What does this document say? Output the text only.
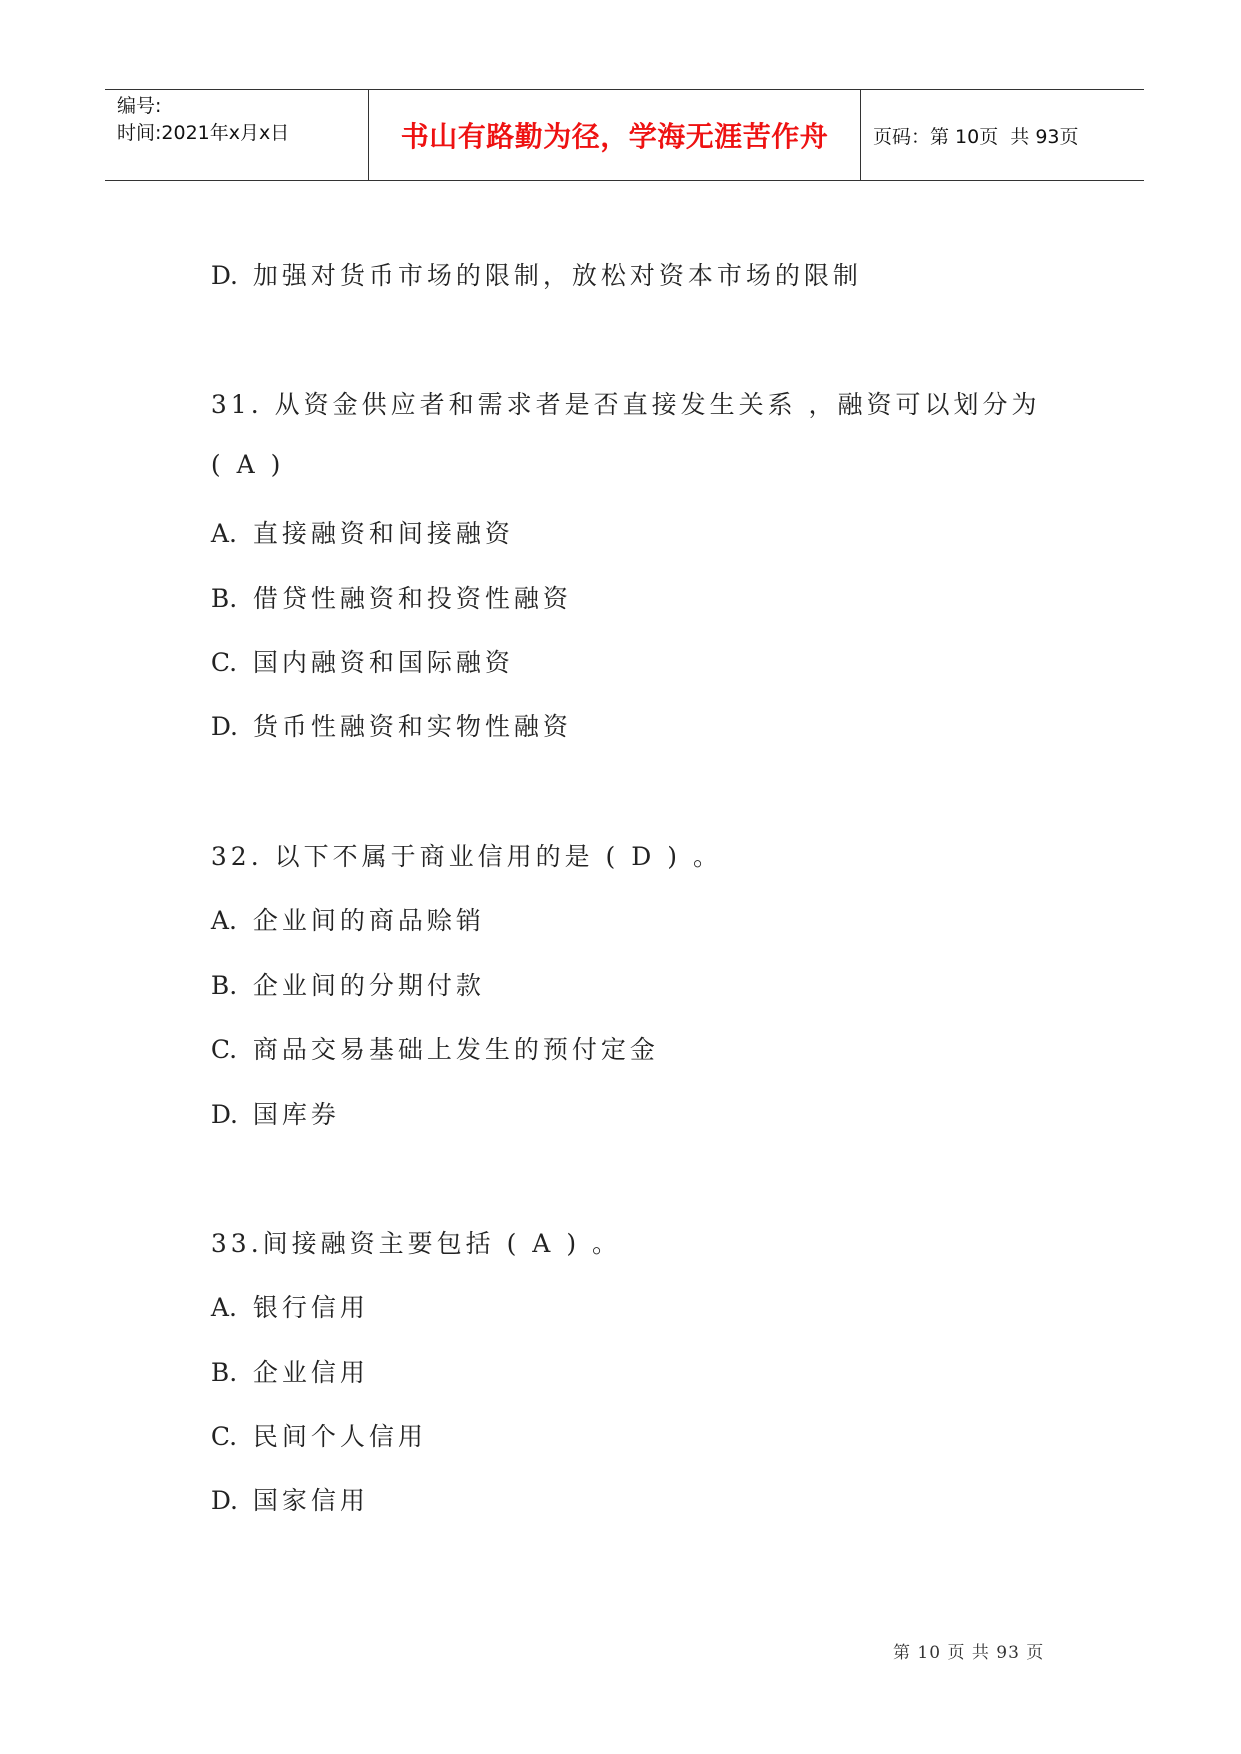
编号:
时间:2021年x月x日	书山有路勤为径，学海无涯苦作舟	页码：第 10页  共 93页

D. 加强对货币市场的限制，放松对资本市场的限制

31. 从资金供应者和需求者是否直接发生关系 ，融资可以划分为

( A )

A. 直接融资和间接融资

B. 借贷性融资和投资性融资

C. 国内融资和国际融资

D. 货币性融资和实物性融资

32. 以下不属于商业信用的是 ( D ) 。

A. 企业间的商品赊销

B. 企业间的分期付款

C. 商品交易基础上发生的预付定金

D. 国库券

33.间接融资主要包括 ( A ) 。

A. 银行信用

B. 企业信用

C. 民间个人信用

D. 国家信用

第 10 页 共 93 页
